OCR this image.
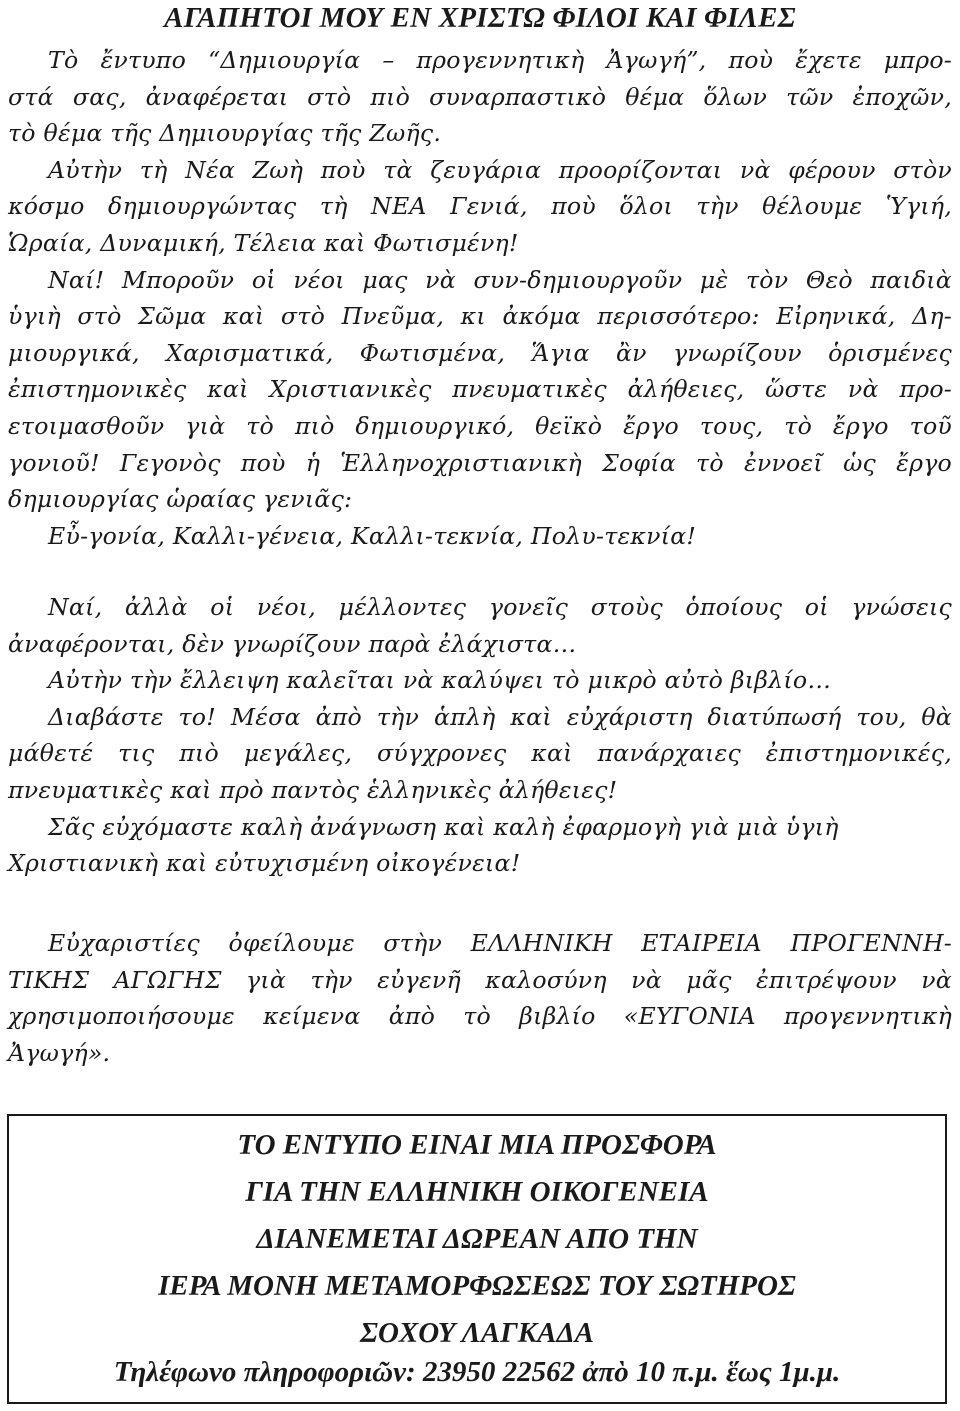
ΑΓΑΠΗΤΟΙ ΜΟΥ ΕΝ ΧΡΙΣΤΩ ΦΙΛΟΙ ΚΑΙ ΦΙΛΕΣ
Τὸ ἔντυπο “Δημιουργία – προγεννητικὴ Ἀγωγή”, ποὺ ἔχετε μπρο-
στά σας, ἀναφέρεται στὸ πιὸ συναρπαστικὸ θέμα ὅλων τῶν ἐποχῶν,
τὸ θέμα τῆς Δημιουργίας τῆς Ζωῆς.
Αὐτὴν τὴ Νέα Ζωὴ ποὺ τὰ ζευγάρια προορίζονται νὰ φέρουν στὸν
κόσμο δημιουργώντας τὴ ΝΕΑ Γενιά, ποὺ ὅλοι τὴν θέλουμε Ὑγιή,
Ὡραία, Δυναμική, Τέλεια καὶ Φωτισμένη!
Ναί! Μποροῦν οἱ νέοι μας νὰ συν-δημιουργοῦν μὲ τὸν Θεὸ παιδιὰ
ὑγιὴ στὸ Σῶμα καὶ στὸ Πνεῦμα, κι ἀκόμα περισσότερο: Εἰρηνικά, Δη-
μιουργικά, Χαρισματικά, Φωτισμένα, Ἅγια ἂν γνωρίζουν ὁρισμένες
ἐπιστημονικὲς καὶ Χριστιανικὲς πνευματικὲς ἀλήθειες, ὥστε νὰ προ-
ετοιμασθοῦν γιὰ τὸ πιὸ δημιουργικό, θεϊκὸ ἔργο τους, τὸ ἔργο τοῦ
γονιοῦ! Γεγονὸς ποὺ ἡ Ἑλληνοχριστιανικὴ Σοφία τὸ ἐννοεῖ ὡς ἔργο
δημιουργίας ὡραίας γενιᾶς:
Εὖ-γονία, Καλλι-γένεια, Καλλι-τεκνία, Πολυ-τεκνία!
Ναί, ἀλλὰ οἱ νέοι, μέλλοντες γονεῖς στοὺς ὁποίους οἱ γνώσεις
ἀναφέρονται, δὲν γνωρίζουν παρὰ ἐλάχιστα…
Αὐτὴν τὴν ἔλλειψη καλεῖται νὰ καλύψει τὸ μικρὸ αὐτὸ βιβλίο…
Διαβάστε το! Μέσα ἀπὸ τὴν ἁπλὴ καὶ εὐχάριστη διατύπωσή του, θὰ
μάθετέ τις πιὸ μεγάλες, σύγχρονες καὶ πανάρχαιες ἐπιστημονικές,
πνευματικὲς καὶ πρὸ παντὸς ἑλληνικὲς ἀλήθειες!
Σᾶς εὐχόμαστε καλὴ ἀνάγνωση καὶ καλὴ ἐφαρμογὴ γιὰ μιὰ ὑγιὴ
Χριστιανικὴ καὶ εὐτυχισμένη οἰκογένεια!
Εὐχαριστίες ὀφείλουμε στὴν ΕΛΛΗΝΙΚΗ ΕΤΑΙΡΕΙΑ ΠΡΟΓΕΝΝΗ-
ΤΙΚΗΣ ΑΓΩΓΗΣ γιὰ τὴν εὐγενῆ καλοσύνη νὰ μᾶς ἐπιτρέψουν νὰ
χρησιμοποιήσουμε κείμενα ἀπὸ τὸ βιβλίο «ΕΥΓΟΝΙΑ προγεννητικὴ
Ἀγωγή».
ΤΟ ΕΝΤΥΠΟ ΕΙΝΑΙ ΜΙΑ ΠΡΟΣΦΟΡΑ
ΓΙΑ ΤΗΝ ΕΛΛΗΝΙΚΗ ΟΙΚΟΓΕΝΕΙΑ
ΔΙΑΝΕΜΕΤΑΙ ΔΩΡΕΑΝ ΑΠΟ ΤΗΝ
ΙΕΡΑ ΜΟΝΗ ΜΕΤΑΜΟΡΦΩΣΕΩΣ ΤΟΥ ΣΩΤΗΡΟΣ
ΣΟΧΟΥ ΛΑΓΚΑΔΑ
Τηλέφωνο πληροφοριῶν: 23950 22562 ἀπὸ 10 π.μ. ἕως 1μ.μ.
